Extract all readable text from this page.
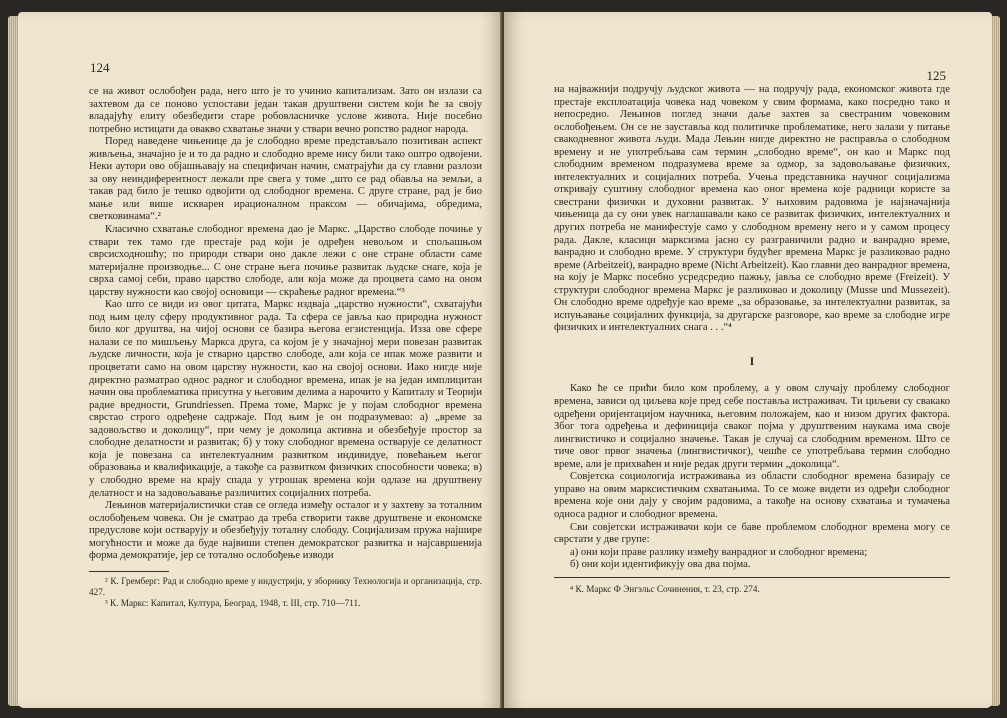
124

се на живот ослобођен рада, него што је то учинио капитализам. Зато он излази са захтевом да се поново успостави један такав друштвени систем који ће за своју владајућу елиту обезбедити старе робовласничке услове живота. Није посебно потребно истицати да овакво схватање значи у ствари вечно ропство радног народа.

Поред наведене чињенице да је слободно време представљало позитиван аспект живљења, значајно је и то да радно и слободно време нису били тако оштро одвојени. Неки аутори ово објашњавају на специфичан начин, сматрајући да су главни разлози за ову неиндиферентност лежали пре свега у томе „што се рад обавља на земљи, а такав рад било је тешко одвојити од слободног времена. С друге стране, рад је био мање или више искварен ирационалном праксом — обичајима, обредима, светковинама“.²

Класично схватање слободног времена дао је Маркс. „Царство слободе почиње у ствари тек тамо где престаје рад који је одређен невољом и спољашњом сврсисходношћу; по природи ствари оно дакле лежи с оне стране области саме материјалне производње... С оне стране њега почиње развитак људске снаге, која је сврха самој себи, право царство слободе, али која може да процвета само на оном царству нужности као својој основици — скраћење радног времена.“³

Као што се види из овог цитата, Маркс издваја „царство нужности“, схватајући под њим целу сферу продуктивног рада. Та сфера се јавља као природна нужност било ког друштва, на чијој основи се базира његова егзистенција. Изза ове сфере налази се по мишљењу Маркса друга, са којом је у значајној мери повезан развитак људске личности, која је стварно царство слободе, али која се ипак може развити и процветати само на овом царству нужности, као на својој основи. Иако нигде није директно разматрао однос радног и слободног времена, ипак је на један имплицитан начин ова проблематика присутна у његовим делима а нарочито у Капиталу и Теорији радне вредности, Grundriessen. Према томе, Маркс је у појам слободног времена сврстао строго одређене садржаје. Под њим је он подразумевао: а) „време за задовољство и доколицу“, при чему је доколица активна и обезбеђује простор за слободне делатности и развитак; б) у току слободног времена остварује се делатност која је повезана са интелектуалним развитком индивидуе, повећањем његог образовања и квалификације, а такође са развитком физичких способности човека; в) у слободно време на крају спада у утрошак времена који одлазе на друштвену делатност и на задовољавање различитих социјалних потреба.

Лењинов материјалистички став се огледа између осталог и у захтеву за тоталним ослобођењем човека. Он је сматрао да треба створити такве друштвене и економске предуслове који остварују и обезбеђују тоталну слободу. Социјализам пружа најшире могућности и може да буде највиши степен демократског развитка и најсавршенија форма демократије, јер се тотално ослобођење изводи

² К. Гремберг: Рад и слободно време у индустрији, у зборнику Технологија и организација, стр. 427.

³ К. Маркс: Капитал, Култура, Београд, 1948, т. III, стр. 710—711.

125

на најважнији подручју људског живота — на подручју рада, економског живота где престаје експлоатација човека над човеком у свим формама, како посредно тако и непосредно. Лењинов поглед значи даље захтев за свестраним човековим ослобођењем. Он се не зауставља код политичке проблематике, него залази у питање свакодневног живота људи. Мада Лењин нигде директно не расправља о слободном времену и не употребљава сам термин „слободно време“, он као и Маркс под слободним временом подразумева време за одмор, за задовољавање физичких, интелектуалних и социјалних потреба. Учења представника научног социјализма откривају суштину слободног времена као оног времена које радници користе за свестрани физички и духовни развитак. У њиховим радовима је најзначајнија чињеница да су они увек наглашавали како се развитак физичких, интелектуалних и других потреба не манифестује само у слободном времену него и у самом процесу рада. Дакле, класици марксизма јасно су разграничили радно и ванрадно време, ванрадно и слободно време. У структури будућег времена Маркс је разликовао радно време (Arbeitzeit), ванрадно време (Nicht Arbeitzeit). Као главни део ванрадног времена, на коју је Маркс посебно усредсредио пажњу, јавља се слободно време (Freizeit). У структури слободног времена Маркс је разликовао и доколицу (Musse und Mussezeit). Он слободно време одређује као време „за образовање, за интелектуални развитак, за испуњавање социјалних функција, за другарске разговоре, као време за слободне игре физичких и интелектуалних снага . . .“⁴

I

Како ће се прићи било ком проблему, а у овом случају проблему слободног времена, зависи од циљева које пред себе поставља истраживач. Ти циљеви су свакако одређени оријентацијом научника, његовим положајем, као и низом других фактора. Због тога одређења и дефиниција сваког појма у друштвеним наукама има своје лингвистичко и социјално значење. Такав је случај са слободним временом. Што се тиче овог првог значења (лингвистичког), чешће се употребљава термин слободно време, али је прихваћен и није редак други термин „доколица“.

Совјетска социологија истраживања из области слободног времена базирају се управо на овим марксистичким схватањима. То се може видети из одређи слободног времена које они дају у својим радовима, а такође на основу схватања и тумачења односа радног и слободног времена.

Сви совјетски истраживачи који се баве проблемом слободног времена могу се сврстати у две групе:

а) они који праве разлику између ванрадног и слободног времена;

б) они који идентификују ова два појма.

⁴ К. Маркс Ф Энгэльс Сочинения, т. 23, стр. 274.
